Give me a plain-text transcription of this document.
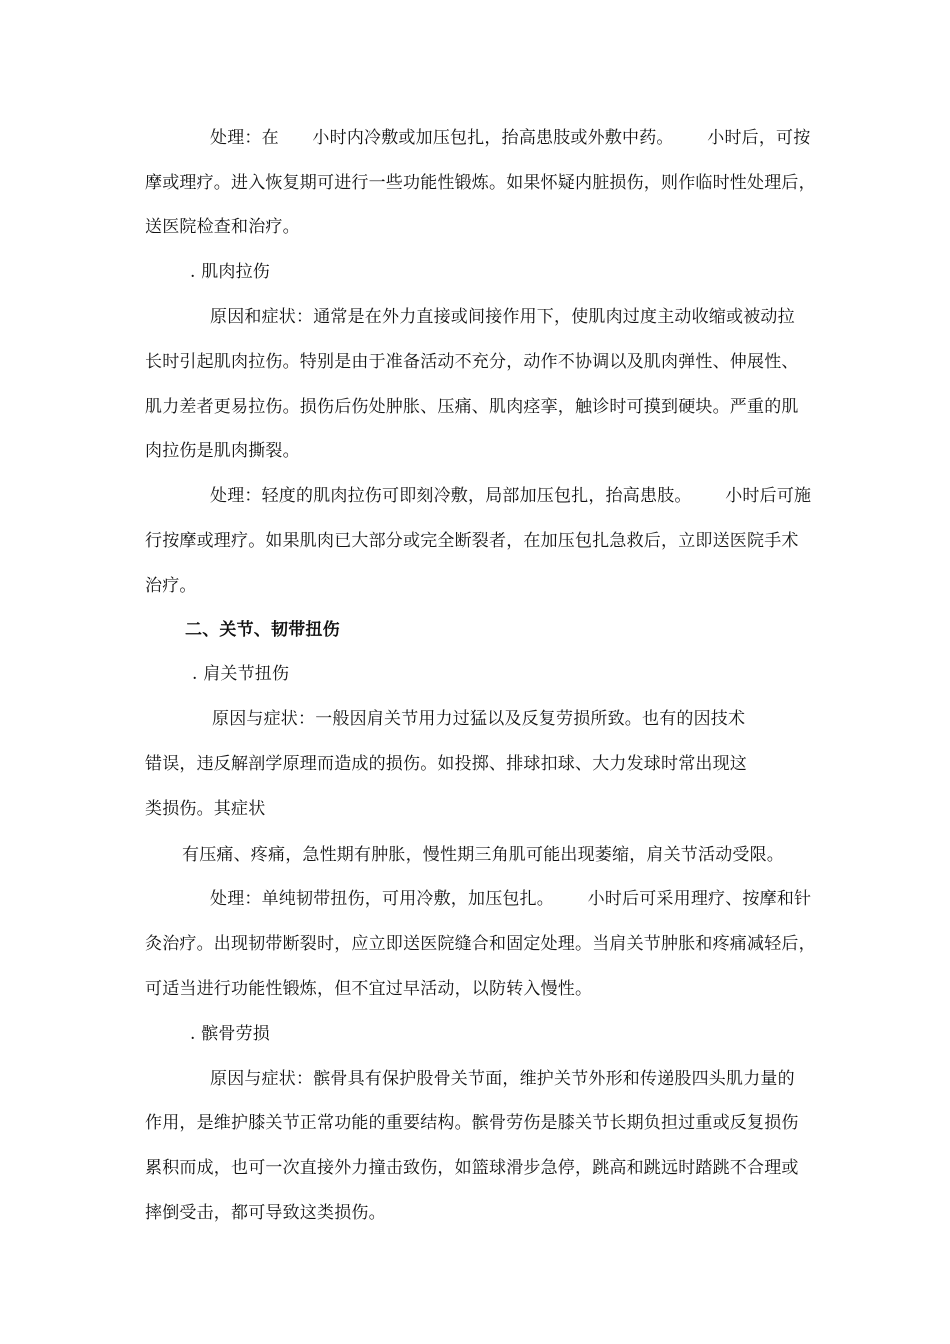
处理：在      小时内冷敷或加压包扎，抬高患肢或外敷中药。      小时后，可按
摩或理疗。进入恢复期可进行一些功能性锻炼。如果怀疑内脏损伤，则作临时性处理后，
送医院检查和治疗。
. 肌肉拉伤
原因和症状：通常是在外力直接或间接作用下，使肌肉过度主动收缩或被动拉
长时引起肌肉拉伤。特别是由于准备活动不充分，动作不协调以及肌肉弹性、伸展性、
肌力差者更易拉伤。损伤后伤处肿胀、压痛、肌肉痉挛，触诊时可摸到硬块。严重的肌
肉拉伤是肌肉撕裂。
处理：轻度的肌肉拉伤可即刻冷敷，局部加压包扎，抬高患肢。      小时后可施
行按摩或理疗。如果肌肉已大部分或完全断裂者，在加压包扎急救后，立即送医院手术
治疗。
二、关节、韧带扭伤
. 肩关节扭伤
原因与症状：一般因肩关节用力过猛以及反复劳损所致。也有的因技术
错误，违反解剖学原理而造成的损伤。如投掷、排球扣球、大力发球时常出现这
类损伤。其症状
有压痛、疼痛，急性期有肿胀，慢性期三角肌可能出现萎缩，肩关节活动受限。
处理：单纯韧带扭伤，可用冷敷，加压包扎。      小时后可采用理疗、按摩和针
灸治疗。出现韧带断裂时，应立即送医院缝合和固定处理。当肩关节肿胀和疼痛减轻后，
可适当进行功能性锻炼，但不宜过早活动，以防转入慢性。
. 髌骨劳损
原因与症状：髌骨具有保护股骨关节面，维护关节外形和传递股四头肌力量的
作用，是维护膝关节正常功能的重要结构。髌骨劳伤是膝关节长期负担过重或反复损伤
累积而成，也可一次直接外力撞击致伤，如篮球滑步急停，跳高和跳远时踏跳不合理或
摔倒受击，都可导致这类损伤。
